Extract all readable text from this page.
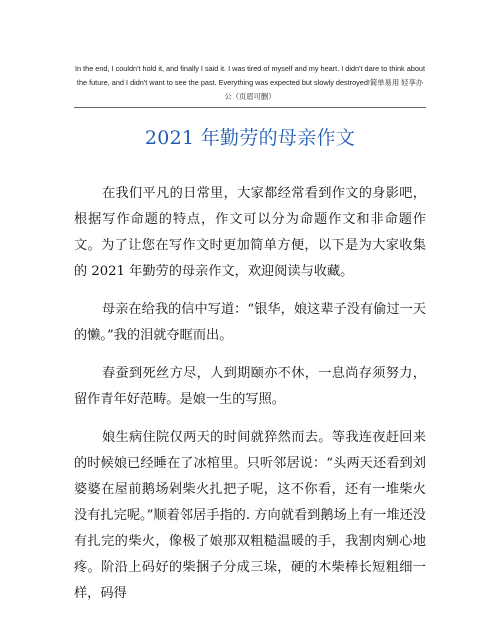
In the end, I couldn't hold it, and finally I said it. I was tired of myself and my heart. I didn't dare to think about
the future, and I didn't want to see the past. Everything was expected but slowly destroyed!简单易用 轻享办
公（页眉可删）
2021 年勤劳的母亲作文

在我们平凡的日常里，大家都经常看到作文的身影吧，根据写作命题的特点，作文可以分为命题作文和非命题作文。为了让您在写作文时更加简单方便，以下是为大家收集的 2021 年勤劳的母亲作文，欢迎阅读与收藏。

母亲在给我的信中写道：“银华，娘这辈子没有偷过一天的懒。”我的泪就夺眶而出。

春蚕到死丝方尽，人到期颐亦不休，一息尚存须努力，留作青年好范畴。是娘一生的写照。

娘生病住院仅两天的时间就猝然而去。等我连夜赶回来的时候娘已经睡在了冰棺里。只听邻居说：“头两天还看到刘婆婆在屋前鹅场剁柴火扎把子呢，这不你看，还有一堆柴火没有扎完呢。”顺着邻居手指的. 方向就看到鹅场上有一堆还没有扎完的柴火，像极了娘那双粗糙温暖的手，我割肉剜心地疼。阶沿上码好的柴捆子分成三垛，硬的木柴棒长短粗细一样，码得
